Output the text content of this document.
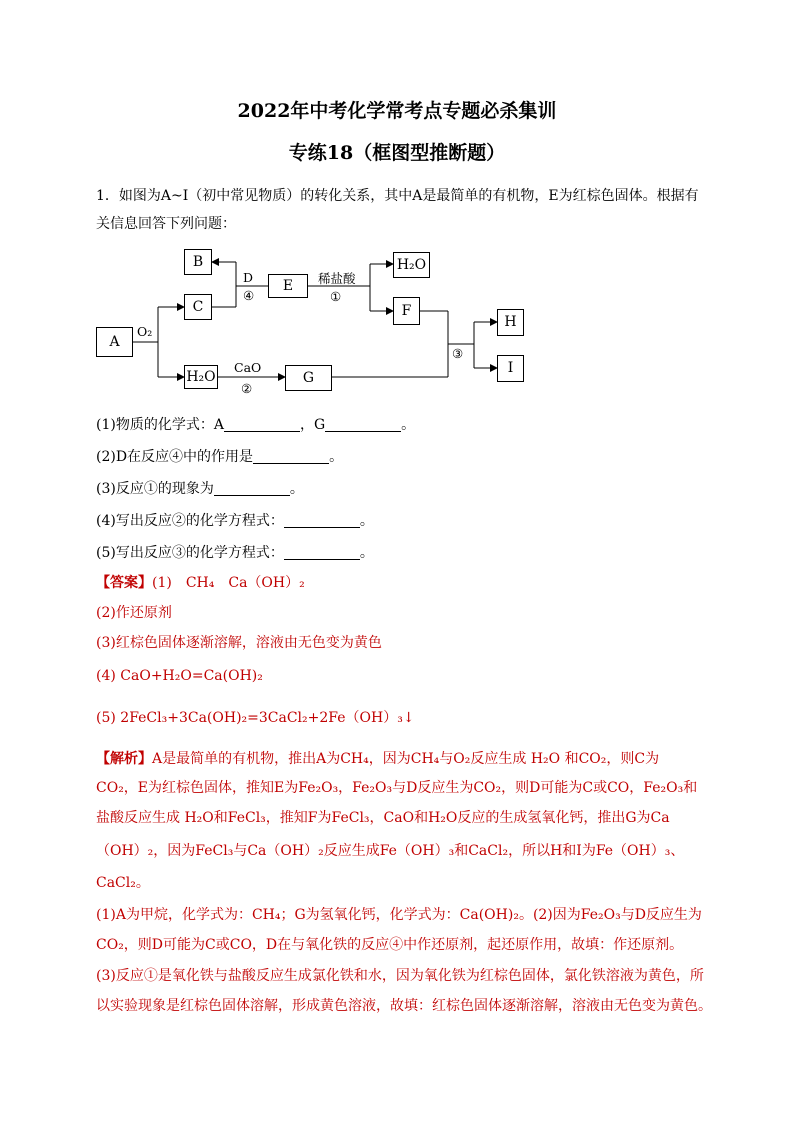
2022年中考化学常考点专题必杀集训
专练18（框图型推断题）
1．如图为A~I（初中常见物质）的转化关系，其中A是最简单的有机物，E为红棕色固体。根据有
关信息回答下列问题：
A
B
C
H₂O
E
H₂O
F
G
H
I
O₂
D
④
稀盐酸
①
CaO
②
③
(1)物质的化学式：A	，G	。
(2)D在反应④中的作用是	。
(3)反应①的现象为	。
(4)写出反应②的化学方程式：	。
(5)写出反应③的化学方程式：	。
【答案】(1)　CH₄　Ca（OH）₂
(2)作还原剂
(3)红棕色固体逐渐溶解，溶液由无色变为黄色
(4) CaO+H₂O=Ca(OH)₂
(5) 2FeCl₃+3Ca(OH)₂=3CaCl₂+2Fe（OH）₃↓
【解析】A是最简单的有机物，推出A为CH₄，因为CH₄与O₂反应生成 H₂O 和CO₂，则C为
CO₂，E为红棕色固体，推知E为Fe₂O₃，Fe₂O₃与D反应生为CO₂，则D可能为C或CO，Fe₂O₃和
盐酸反应生成 H₂O和FeCl₃，推知F为FeCl₃，CaO和H₂O反应的生成氢氧化钙，推出G为Ca
（OH）₂，因为FeCl₃与Ca（OH）₂反应生成Fe（OH）₃和CaCl₂，所以H和I为Fe（OH）₃、
CaCl₂。
(1)A为甲烷，化学式为：CH₄；G为氢氧化钙，化学式为：Ca(OH)₂。(2)因为Fe₂O₃与D反应生为
CO₂，则D可能为C或CO，D在与氧化铁的反应④中作还原剂，起还原作用，故填：作还原剂。
(3)反应①是氧化铁与盐酸反应生成氯化铁和水，因为氧化铁为红棕色固体，氯化铁溶液为黄色，所
以实验现象是红棕色固体溶解，形成黄色溶液，故填：红棕色固体逐渐溶解，溶液由无色变为黄色。
